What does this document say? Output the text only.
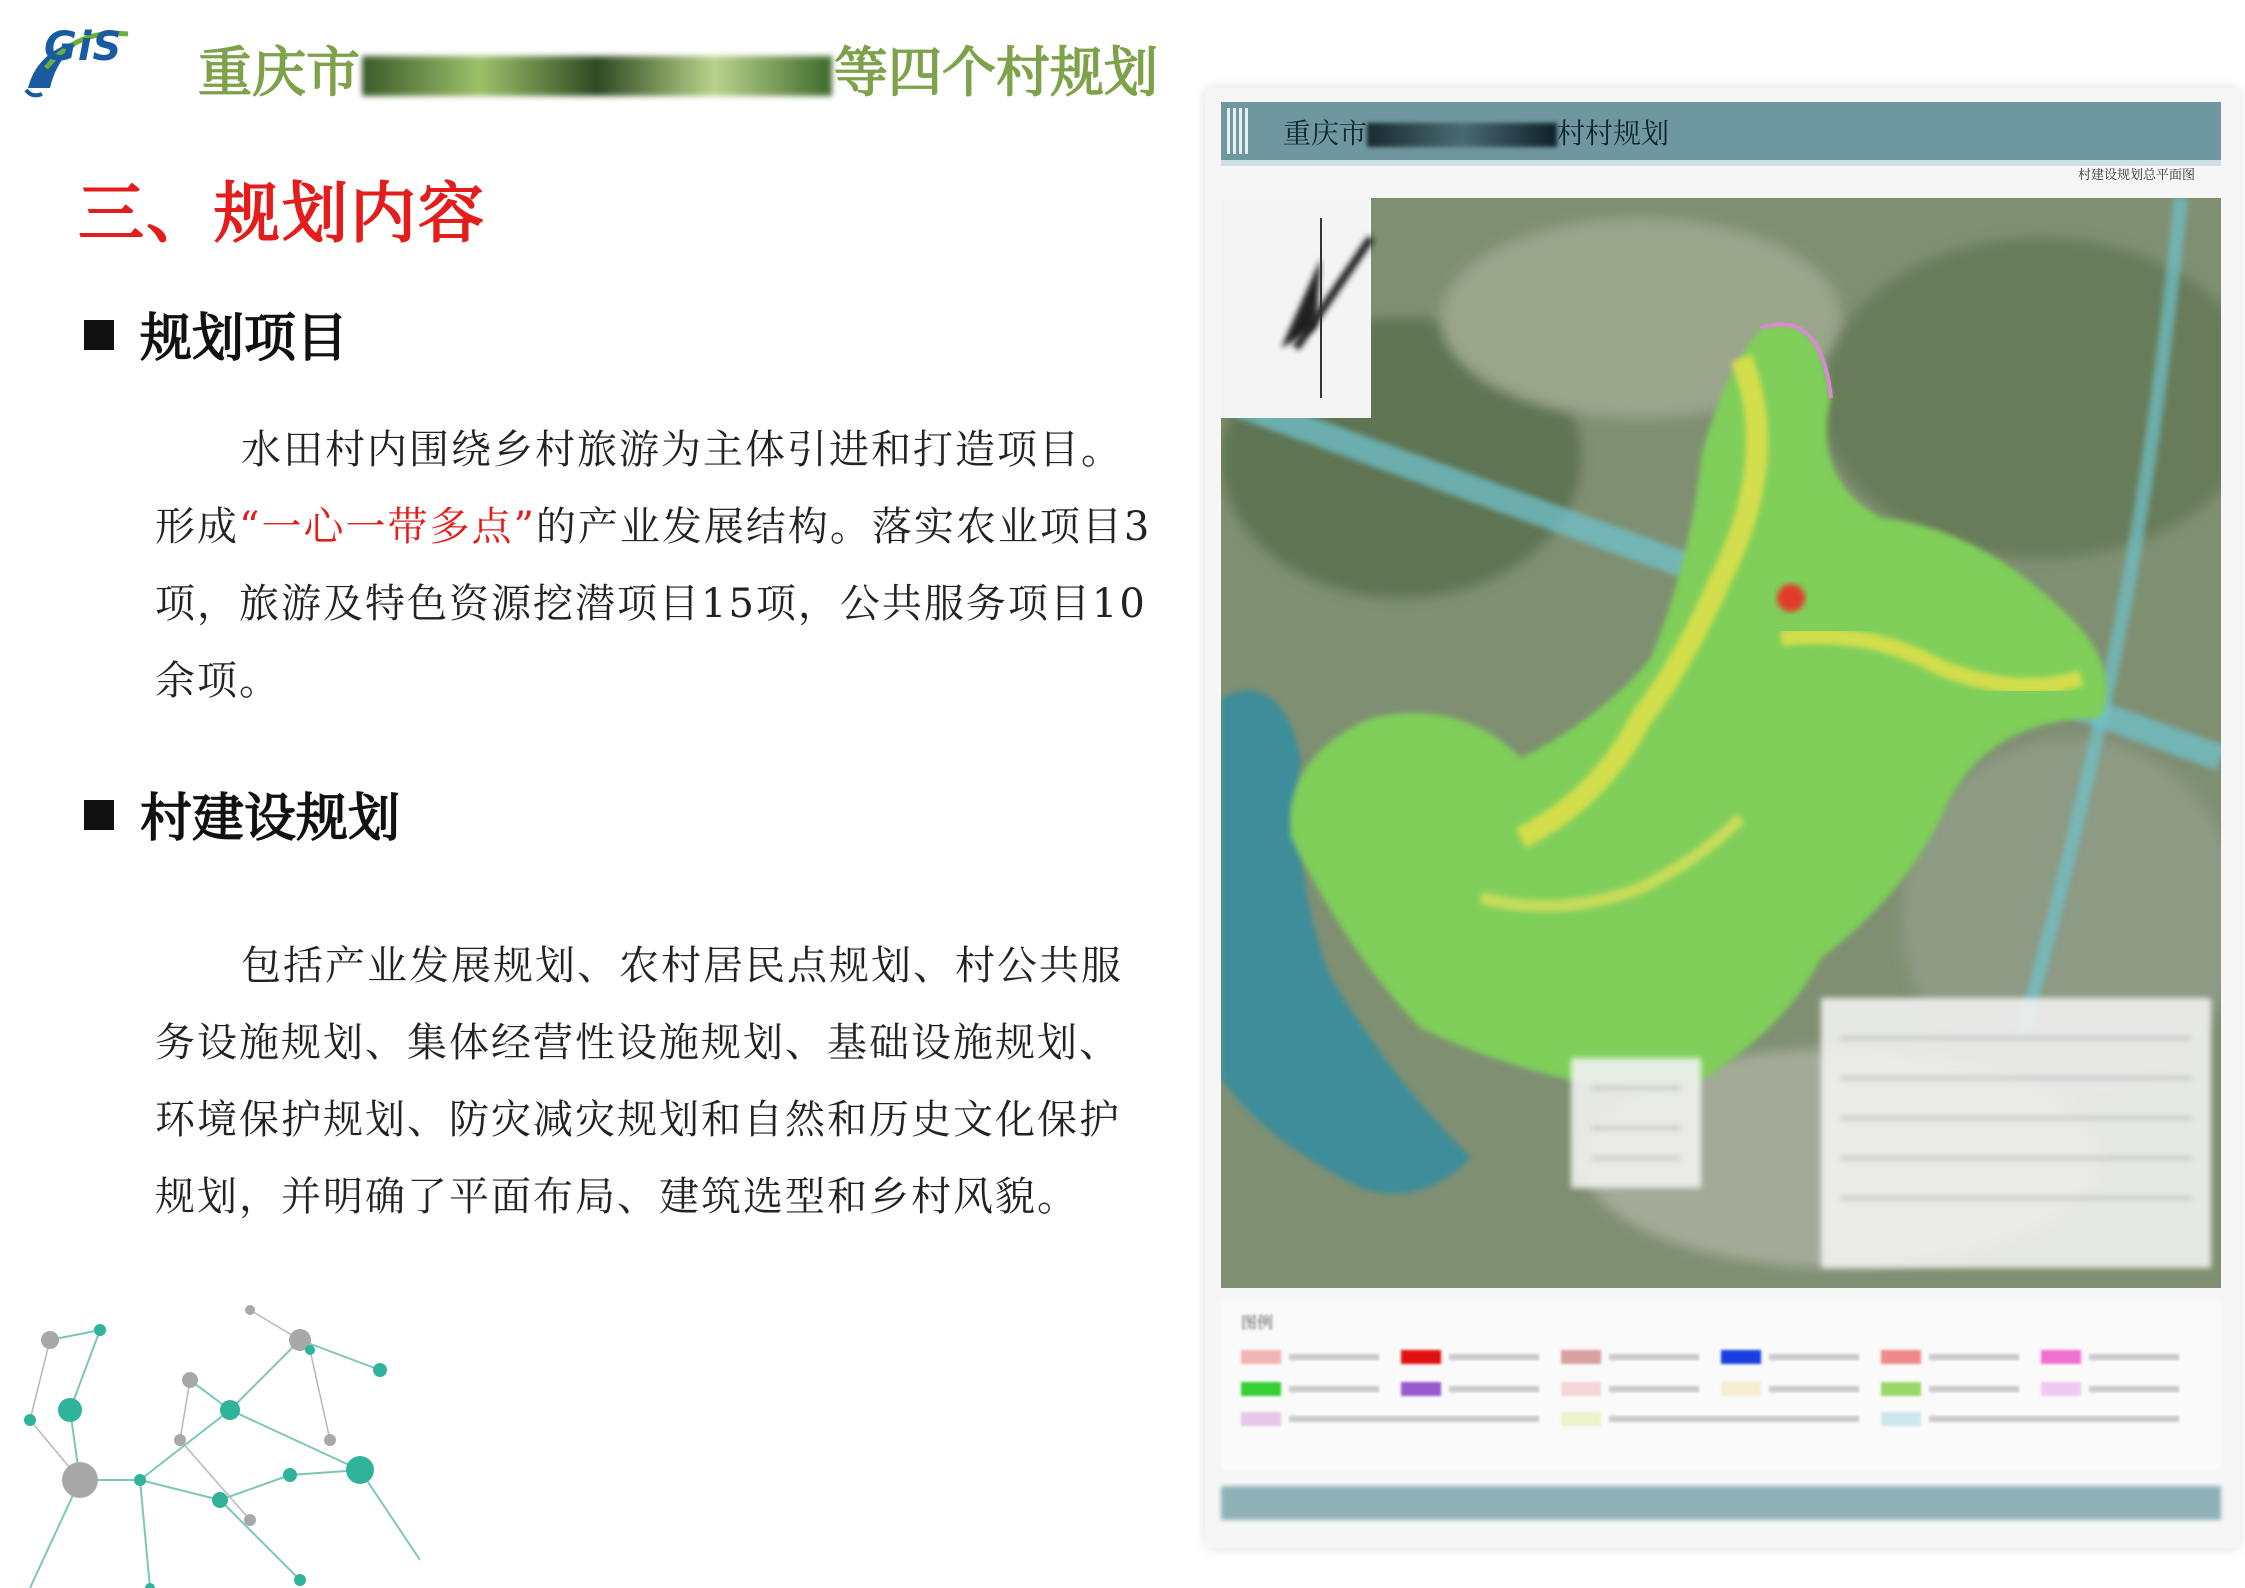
GiS 重庆市	等四个村规划
三、规划内容
规划项目
水田村内围绕乡村旅游为主体引进和打造项目。形成“一心一带多点”的产业发展结构。落实农业项目3项，旅游及特色资源挖潜项目15项，公共服务项目10余项。
村建设规划
包括产业发展规划、农村居民点规划、村公共服务设施规划、集体经营性设施规划、基础设施规划、环境保护规划、防灾减灾规划和自然和历史文化保护规划，并明确了平面布局、建筑选型和乡村风貌。
重庆市	村村规划
村建设规划总平面图
图例
